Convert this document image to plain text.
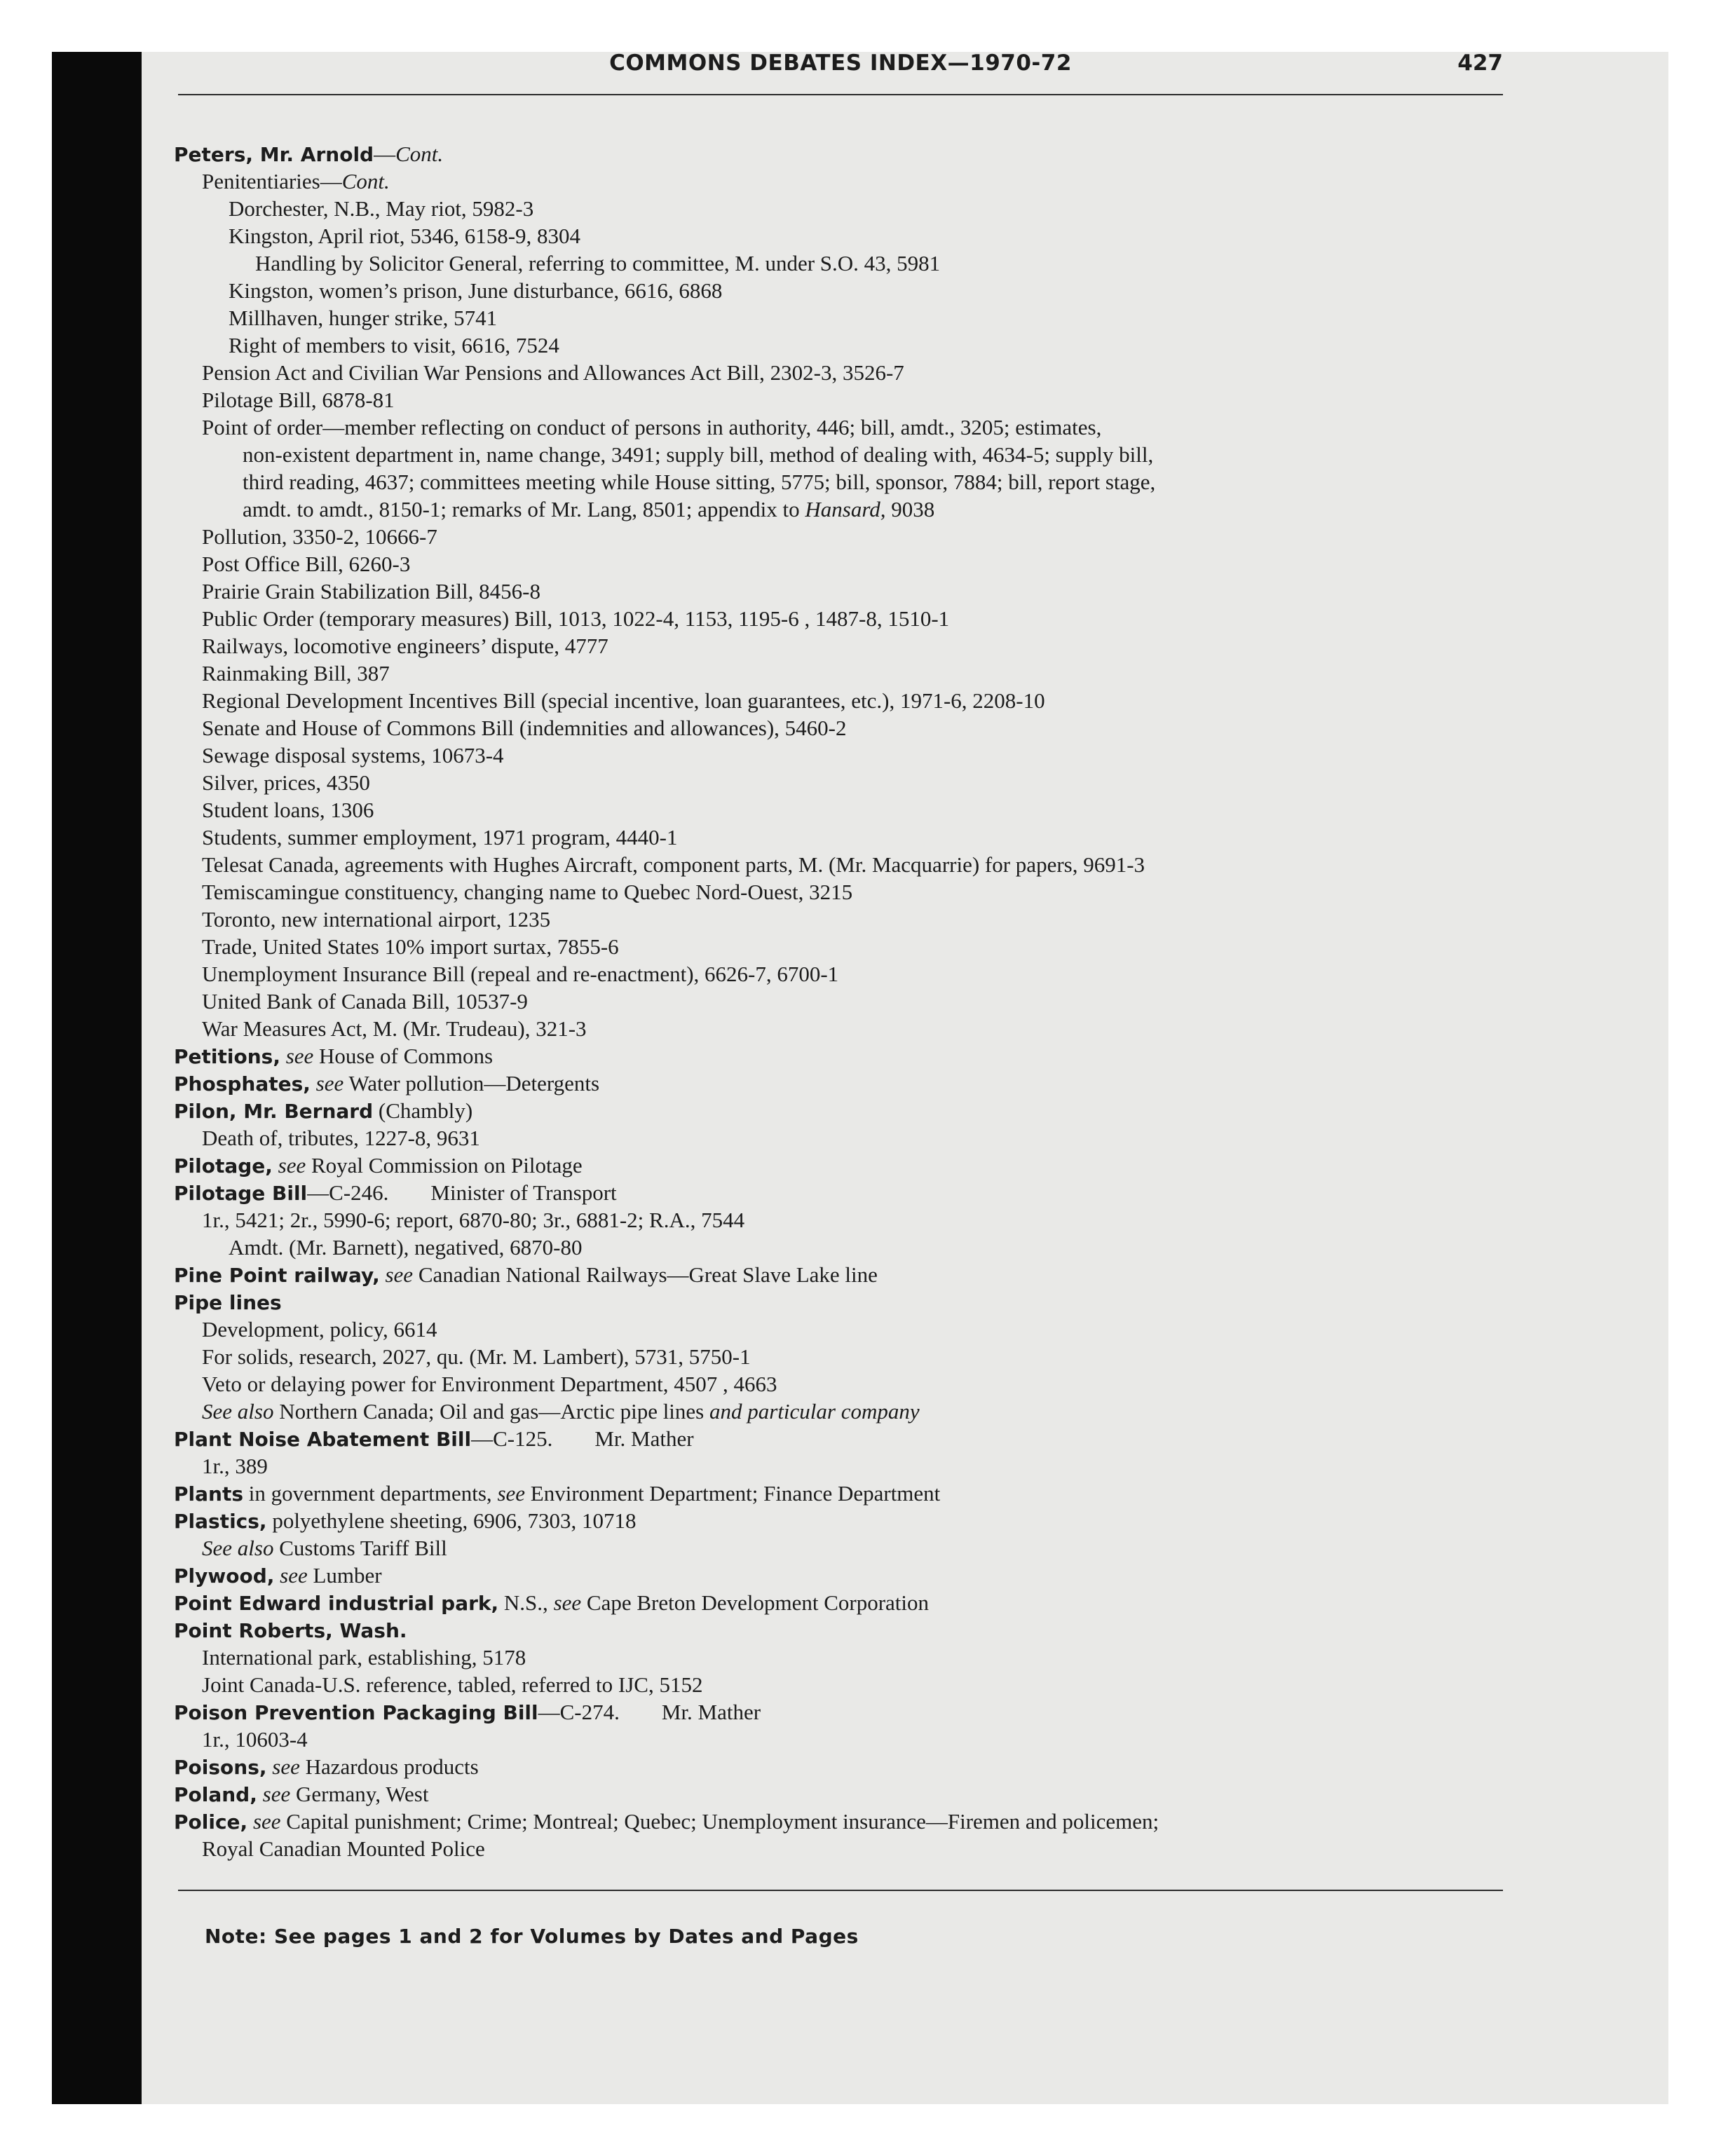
COMMONS DEBATES INDEX—1970-72	427
Peters, Mr. Arnold—Cont.
Penitentiaries—Cont.
Dorchester, N.B., May riot, 5982-3
Kingston, April riot, 5346, 6158-9, 8304
Handling by Solicitor General, referring to committee, M. under S.O. 43, 5981
Kingston, women’s prison, June disturbance, 6616, 6868
Millhaven, hunger strike, 5741
Right of members to visit, 6616, 7524
Pension Act and Civilian War Pensions and Allowances Act Bill, 2302-3, 3526-7
Pilotage Bill, 6878-81
Point of order—member reflecting on conduct of persons in authority, 446; bill, amdt., 3205; estimates,
non-existent department in, name change, 3491; supply bill, method of dealing with, 4634-5; supply bill,
third reading, 4637; committees meeting while House sitting, 5775; bill, sponsor, 7884; bill, report stage,
amdt. to amdt., 8150-1; remarks of Mr. Lang, 8501; appendix to Hansard, 9038
Pollution, 3350-2, 10666-7
Post Office Bill, 6260-3
Prairie Grain Stabilization Bill, 8456-8
Public Order (temporary measures) Bill, 1013, 1022-4, 1153, 1195-6 , 1487-8, 1510-1
Railways, locomotive engineers’ dispute, 4777
Rainmaking Bill, 387
Regional Development Incentives Bill (special incentive, loan guarantees, etc.), 1971-6, 2208-10
Senate and House of Commons Bill (indemnities and allowances), 5460-2
Sewage disposal systems, 10673-4
Silver, prices, 4350
Student loans, 1306
Students, summer employment, 1971 program, 4440-1
Telesat Canada, agreements with Hughes Aircraft, component parts, M. (Mr. Macquarrie) for papers, 9691-3
Temiscamingue constituency, changing name to Quebec Nord-Ouest, 3215
Toronto, new international airport, 1235
Trade, United States 10% import surtax, 7855-6
Unemployment Insurance Bill (repeal and re-enactment), 6626-7, 6700-1
United Bank of Canada Bill, 10537-9
War Measures Act, M. (Mr. Trudeau), 321-3
Petitions, see House of Commons
Phosphates, see Water pollution—Detergents
Pilon, Mr. Bernard (Chambly)
Death of, tributes, 1227-8, 9631
Pilotage, see Royal Commission on Pilotage
Pilotage Bill—C-246. Minister of Transport
1r., 5421; 2r., 5990-6; report, 6870-80; 3r., 6881-2; R.A., 7544
Amdt. (Mr. Barnett), negatived, 6870-80
Pine Point railway, see Canadian National Railways—Great Slave Lake line
Pipe lines
Development, policy, 6614
For solids, research, 2027, qu. (Mr. M. Lambert), 5731, 5750-1
Veto or delaying power for Environment Department, 4507 , 4663
See also Northern Canada; Oil and gas—Arctic pipe lines and particular company
Plant Noise Abatement Bill—C-125. Mr. Mather
1r., 389
Plants in government departments, see Environment Department; Finance Department
Plastics, polyethylene sheeting, 6906, 7303, 10718
See also Customs Tariff Bill
Plywood, see Lumber
Point Edward industrial park, N.S., see Cape Breton Development Corporation
Point Roberts, Wash.
International park, establishing, 5178
Joint Canada-U.S. reference, tabled, referred to IJC, 5152
Poison Prevention Packaging Bill—C-274. Mr. Mather
1r., 10603-4
Poisons, see Hazardous products
Poland, see Germany, West
Police, see Capital punishment; Crime; Montreal; Quebec; Unemployment insurance—Firemen and policemen;
Royal Canadian Mounted Police
Note: See pages 1 and 2 for Volumes by Dates and Pages
